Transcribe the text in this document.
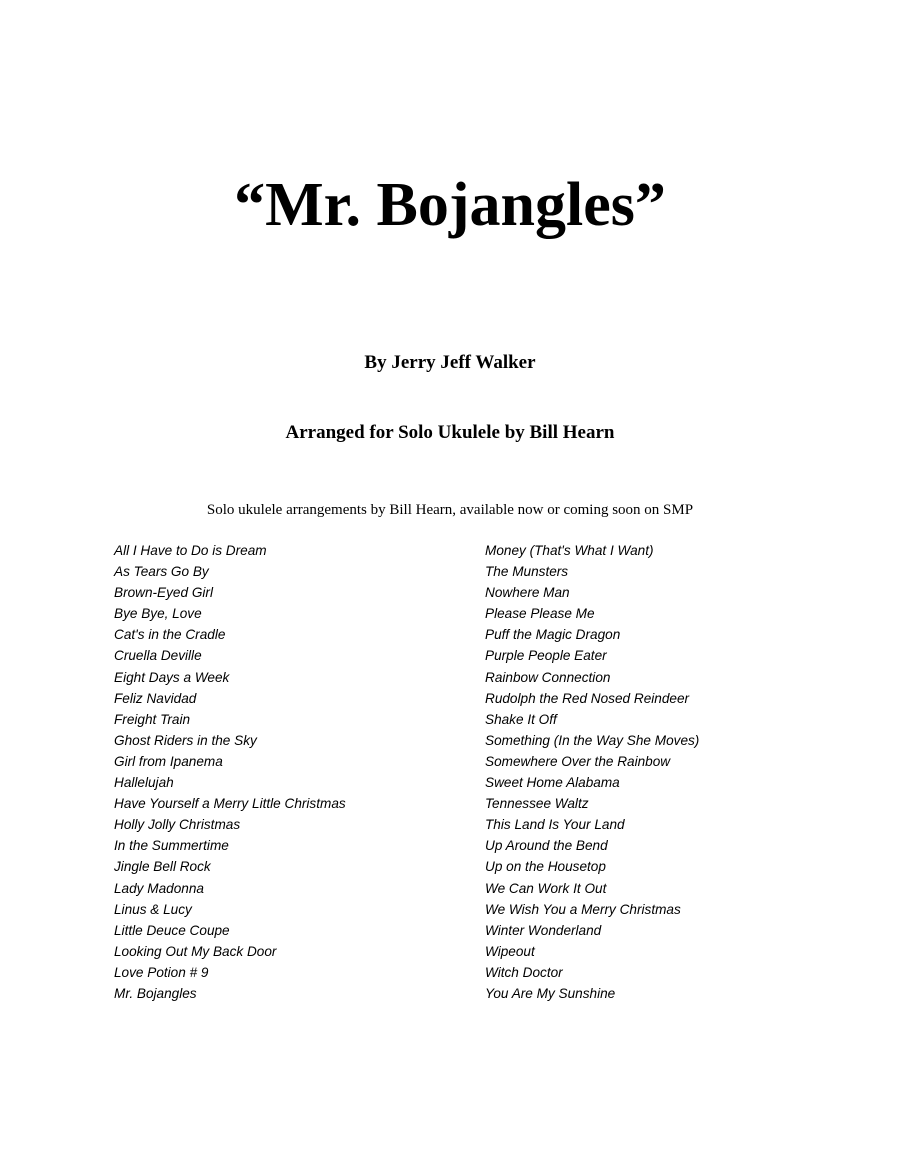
“Mr. Bojangles”
By Jerry Jeff Walker
Arranged for Solo Ukulele by Bill Hearn
Solo ukulele arrangements by Bill Hearn, available now or coming soon on SMP
All I Have to Do is Dream
As Tears Go By
Brown-Eyed Girl
Bye Bye, Love
Cat's in the Cradle
Cruella Deville
Eight Days a Week
Feliz Navidad
Freight Train
Ghost Riders in the Sky
Girl from Ipanema
Hallelujah
Have Yourself a Merry Little Christmas
Holly Jolly Christmas
In the Summertime
Jingle Bell Rock
Lady Madonna
Linus & Lucy
Little Deuce Coupe
Looking Out My Back Door
Love Potion # 9
Mr. Bojangles
Money (That's What I Want)
The Munsters
Nowhere Man
Please Please Me
Puff the Magic Dragon
Purple People Eater
Rainbow Connection
Rudolph the Red Nosed Reindeer
Shake It Off
Something (In the Way She Moves)
Somewhere Over the Rainbow
Sweet Home Alabama
Tennessee Waltz
This Land Is Your Land
Up Around the Bend
Up on the Housetop
We Can Work It Out
We Wish You a Merry Christmas
Winter Wonderland
Wipeout
Witch Doctor
You Are My Sunshine
